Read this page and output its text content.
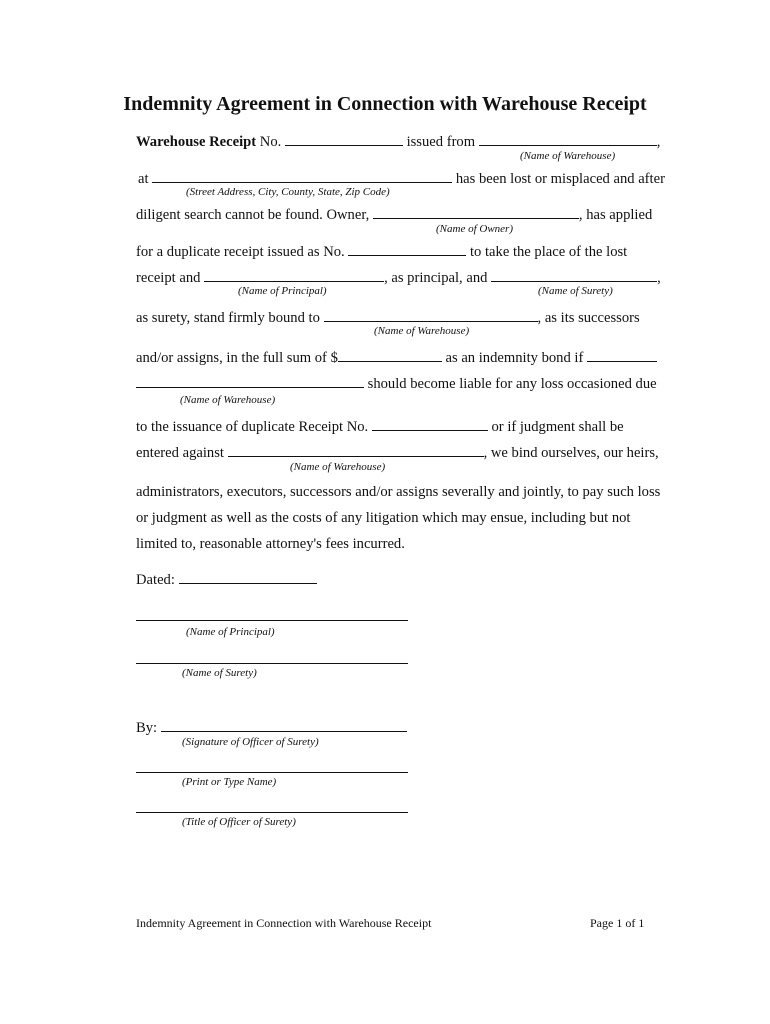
Indemnity Agreement in Connection with Warehouse Receipt
Warehouse Receipt No.	issued from	,
(Name of Warehouse)
at	has been lost or misplaced and after
(Street Address, City, County, State, Zip Code)
diligent search cannot be found. Owner,	, has applied
(Name of Owner)
for a duplicate receipt issued as No.	to take the place of the lost
receipt and	, as principal, and	,
(Name of Principal)	(Name of Surety)
as surety, stand firmly bound to	, as its successors
(Name of Warehouse)
and/or assigns, in the full sum of $	as an indemnity bond if
should become liable for any loss occasioned due
(Name of Warehouse)
to the issuance of duplicate Receipt No.	or if judgment shall be
entered against	, we bind ourselves, our heirs,
(Name of Warehouse)
administrators, executors, successors and/or assigns severally and jointly, to pay such loss
or judgment as well as the costs of any litigation which may ensue, including but not
limited to, reasonable attorney's fees incurred.
Dated:
(Name of Principal)
(Name of Surety)
By:
(Signature of Officer of Surety)
(Print or Type Name)
(Title of Officer of Surety)
Indemnity Agreement in Connection with Warehouse Receipt	Page 1 of 1
